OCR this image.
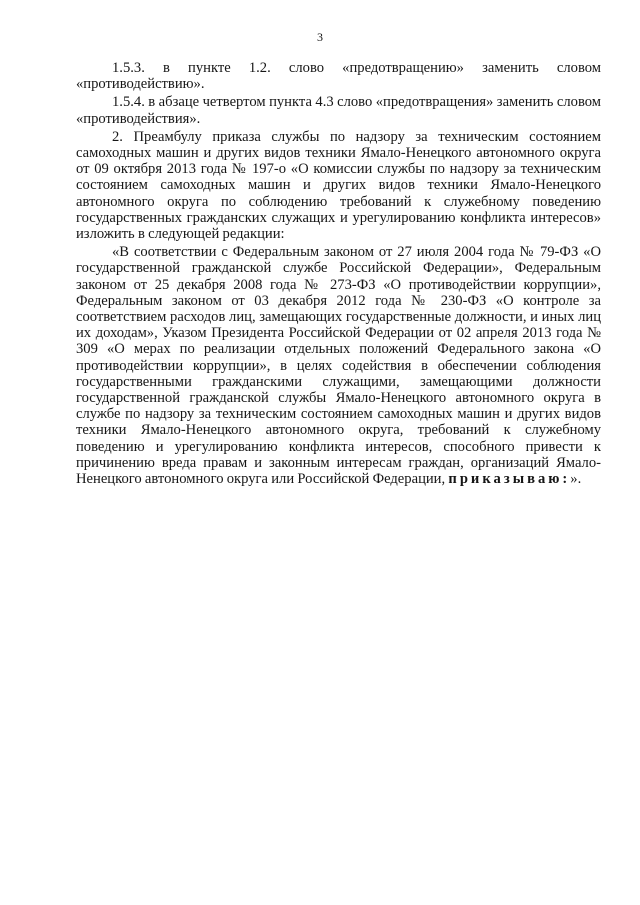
3

1.5.3. в пункте 1.2. слово «предотвращению» заменить словом «противодействию».

1.5.4. в абзаце четвертом пункта 4.3 слово «предотвращения» заменить словом «противодействия».

2. Преамбулу приказа службы по надзору за техническим состоянием самоходных машин и других видов техники Ямало-Ненецкого автономного округа от 09 октября 2013 года № 197-о «О комиссии службы по надзору за техническим состоянием самоходных машин и других видов техники Ямало-Ненецкого автономного округа по соблюдению требований к служебному поведению государственных гражданских служащих и урегулированию конфликта интересов» изложить в следующей редакции:

«В соответствии с Федеральным законом от 27 июля 2004 года № 79-ФЗ «О государственной гражданской службе Российской Федерации», Федеральным законом от 25 декабря 2008 года № 273-ФЗ «О противодействии коррупции», Федеральным законом от 03 декабря 2012 года № 230-ФЗ «О контроле за соответствием расходов лиц, замещающих государственные должности, и иных лиц их доходам», Указом Президента Российской Федерации от 02 апреля 2013 года № 309 «О мерах по реализации отдельных положений Федерального закона «О противодействии коррупции», в целях содействия в обеспечении соблюдения государственными гражданскими служащими, замещающими должности государственной гражданской службы Ямало-Ненецкого автономного округа в службе по надзору за техническим состоянием самоходных машин и других видов техники Ямало-Ненецкого автономного округа, требований к служебному поведению и урегулированию конфликта интересов, способного привести к причинению вреда правам и законным интересам граждан, организаций Ямало-Ненецкого автономного округа или Российской Федерации, приказываю:».
